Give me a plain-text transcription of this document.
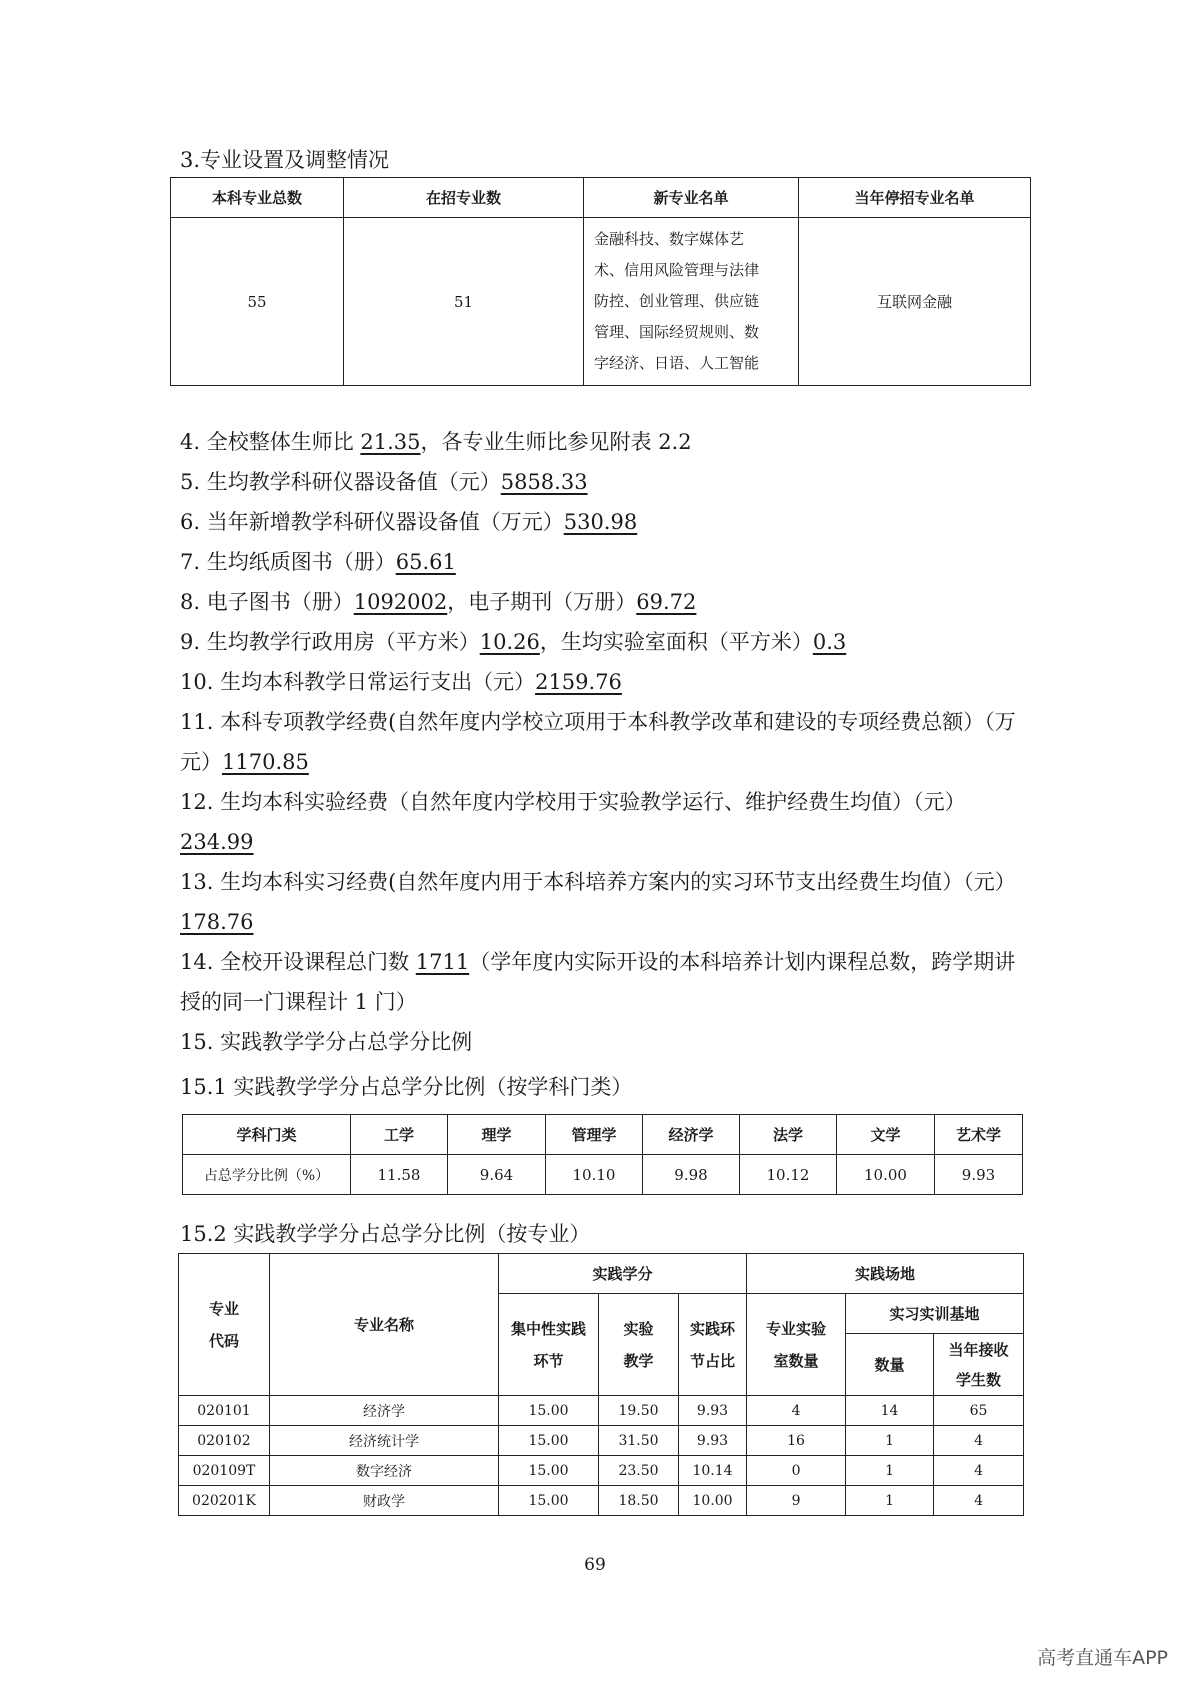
3.专业设置及调整情况
本科专业总数	在招专业数	新专业名单	当年停招专业名单
55	51	金融科技、数字媒体艺
术、信用风险管理与法律
防控、创业管理、供应链
管理、国际经贸规则、数
字经济、日语、人工智能	互联网金融

4. 全校整体生师比 21.35，各专业生师比参见附表 2.2

5. 生均教学科研仪器设备值（元）5858.33

6. 当年新增教学科研仪器设备值（万元）530.98

7. 生均纸质图书（册）65.61

8. 电子图书（册）1092002，电子期刊（万册）69.72

9. 生均教学行政用房（平方米）10.26，生均实验室面积（平方米）0.3

10. 生均本科教学日常运行支出（元）2159.76

11. 本科专项教学经费(自然年度内学校立项用于本科教学改革和建设的专项经费总额）（万元）1170.85

12. 生均本科实验经费（自然年度内学校用于实验教学运行、维护经费生均值）（元）234.99

13. 生均本科实习经费(自然年度内用于本科培养方案内的实习环节支出经费生均值）（元）178.76

14. 全校开设课程总门数 1711（学年度内实际开设的本科培养计划内课程总数，跨学期讲授的同一门课程计 1 门）

15. 实践教学学分占总学分比例

15.1 实践教学学分占总学分比例（按学科门类）
学科门类	工学	理学	管理学	经济学	法学	文学	艺术学
占总学分比例（%）	11.58	9.64	10.10	9.98	10.12	10.00	9.93
15.2 实践教学学分占总学分比例（按专业）
专业代码	专业名称	实践学分			实践场地		
		集中性实践环节	实验教学	实践环节占比	专业实验室数量	实习实训基地	
						数量	当年接收学生数
020101	经济学	15.00	19.50	9.93	4	14	65
020102	经济统计学	15.00	31.50	9.93	16	1	4
020109T	数字经济	15.00	23.50	10.14	0	1	4
020201K	财政学	15.00	18.50	10.00	9	1	4
69
高考直通车APP
